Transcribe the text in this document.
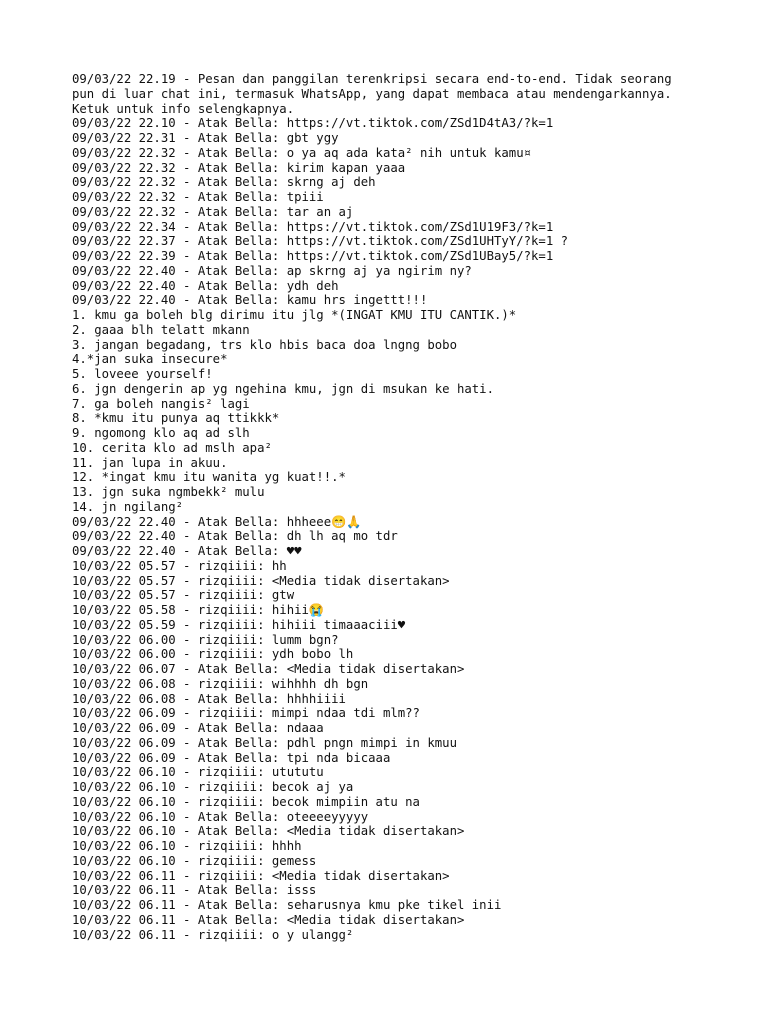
09/03/22 22.19 - Pesan dan panggilan terenkripsi secara end-to-end. Tidak seorang
pun di luar chat ini, termasuk WhatsApp, yang dapat membaca atau mendengarkannya.
Ketuk untuk info selengkapnya.
09/03/22 22.10 - Atak Bella: https://vt.tiktok.com/ZSd1D4tA3/?k=1
09/03/22 22.31 - Atak Bella: gbt ygy
09/03/22 22.32 - Atak Bella: o ya aq ada kata² nih untuk kamu¤
09/03/22 22.32 - Atak Bella: kirim kapan yaaa
09/03/22 22.32 - Atak Bella: skrng aj deh
09/03/22 22.32 - Atak Bella: tpiii
09/03/22 22.32 - Atak Bella: tar an aj
09/03/22 22.34 - Atak Bella: https://vt.tiktok.com/ZSd1U19F3/?k=1
09/03/22 22.37 - Atak Bella: https://vt.tiktok.com/ZSd1UHTyY/?k=1 ?
09/03/22 22.39 - Atak Bella: https://vt.tiktok.com/ZSd1UBay5/?k=1
09/03/22 22.40 - Atak Bella: ap skrng aj ya ngirim ny?
09/03/22 22.40 - Atak Bella: ydh deh
09/03/22 22.40 - Atak Bella: kamu hrs ingettt!!!
1. kmu ga boleh blg dirimu itu jlg *(INGAT KMU ITU CANTIK.)*
2. gaaa blh telatt mkann
3. jangan begadang, trs klo hbis baca doa lngng bobo
4.*jan suka insecure*
5. loveee yourself!
6. jgn dengerin ap yg ngehina kmu, jgn di msukan ke hati.
7. ga boleh nangis² lagi
8. *kmu itu punya aq ttikkk*
9. ngomong klo aq ad slh
10. cerita klo ad mslh apa²
11. jan lupa in akuu.
12. *ingat kmu itu wanita yg kuat!!.*
13. jgn suka ngmbekk² mulu
14. jn ngilang²
09/03/22 22.40 - Atak Bella: hhheee😁🙏
09/03/22 22.40 - Atak Bella: dh lh aq mo tdr
09/03/22 22.40 - Atak Bella: ♥♥
10/03/22 05.57 - rizqiiii: hh
10/03/22 05.57 - rizqiiii: <Media tidak disertakan>
10/03/22 05.57 - rizqiiii: gtw
10/03/22 05.58 - rizqiiii: hihii😭
10/03/22 05.59 - rizqiiii: hihiii timaaaciii♥
10/03/22 06.00 - rizqiiii: lumm bgn?
10/03/22 06.00 - rizqiiii: ydh bobo lh
10/03/22 06.07 - Atak Bella: <Media tidak disertakan>
10/03/22 06.08 - rizqiiii: wihhhh dh bgn
10/03/22 06.08 - Atak Bella: hhhhiiii
10/03/22 06.09 - rizqiiii: mimpi ndaa tdi mlm??
10/03/22 06.09 - Atak Bella: ndaaa
10/03/22 06.09 - Atak Bella: pdhl pngn mimpi in kmuu
10/03/22 06.09 - Atak Bella: tpi nda bicaaa
10/03/22 06.10 - rizqiiii: utututu
10/03/22 06.10 - rizqiiii: becok aj ya
10/03/22 06.10 - rizqiiii: becok mimpiin atu na
10/03/22 06.10 - Atak Bella: oteeeeyyyyy
10/03/22 06.10 - Atak Bella: <Media tidak disertakan>
10/03/22 06.10 - rizqiiii: hhhh
10/03/22 06.10 - rizqiiii: gemess
10/03/22 06.11 - rizqiiii: <Media tidak disertakan>
10/03/22 06.11 - Atak Bella: isss
10/03/22 06.11 - Atak Bella: seharusnya kmu pke tikel inii
10/03/22 06.11 - Atak Bella: <Media tidak disertakan>
10/03/22 06.11 - rizqiiii: o y ulangg²
